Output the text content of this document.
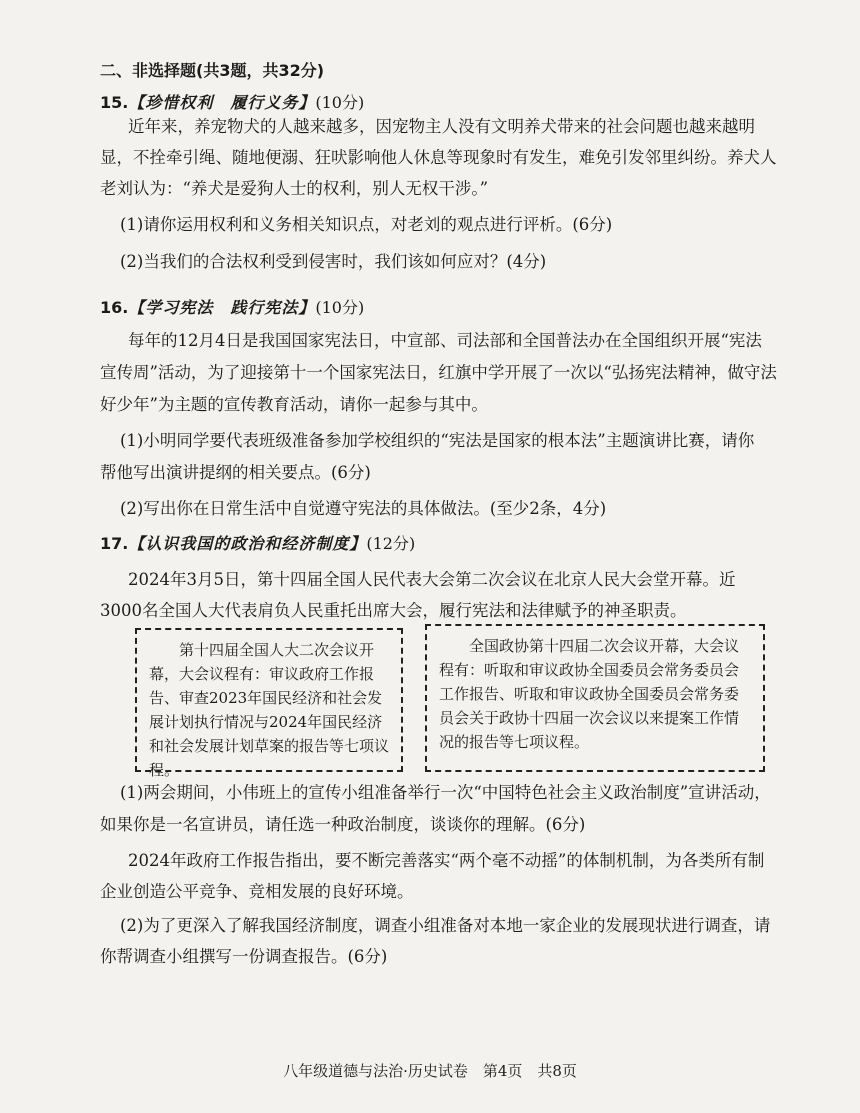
二、非选择题(共3题，共32分)
15.【珍惜权利　履行义务】(10分)
近年来，养宠物犬的人越来越多，因宠物主人没有文明养犬带来的社会问题也越来越明
显，不拴牵引绳、随地便溺、狂吠影响他人休息等现象时有发生，难免引发邻里纠纷。养犬人
老刘认为：“养犬是爱狗人士的权利，别人无权干涉。”
(1)请你运用权利和义务相关知识点，对老刘的观点进行评析。(6分)
(2)当我们的合法权利受到侵害时，我们该如何应对？(4分)
16.【学习宪法　践行宪法】(10分)
每年的12月4日是我国国家宪法日，中宣部、司法部和全国普法办在全国组织开展“宪法
宣传周”活动，为了迎接第十一个国家宪法日，红旗中学开展了一次以“弘扬宪法精神，做守法
好少年”为主题的宣传教育活动，请你一起参与其中。
(1)小明同学要代表班级准备参加学校组织的“宪法是国家的根本法”主题演讲比赛，请你
帮他写出演讲提纲的相关要点。(6分)
(2)写出你在日常生活中自觉遵守宪法的具体做法。(至少2条，4分)
17.【认识我国的政治和经济制度】(12分)
2024年3月5日，第十四届全国人民代表大会第二次会议在北京人民大会堂开幕。近
3000名全国人大代表肩负人民重托出席大会，履行宪法和法律赋予的神圣职责。

第十四届全国人大二次会议开幕，大会议程有：审议政府工作报告、审查2023年国民经济和社会发展计划执行情况与2024年国民经济和社会发展计划草案的报告等七项议程。

全国政协第十四届二次会议开幕，大会议程有：听取和审议政协全国委员会常务委员会工作报告、听取和审议政协全国委员会常务委员会关于政协十四届一次会议以来提案工作情况的报告等七项议程。

(1)两会期间，小伟班上的宣传小组准备举行一次“中国特色社会主义政治制度”宣讲活动，
如果你是一名宣讲员，请任选一种政治制度，谈谈你的理解。(6分)
2024年政府工作报告指出，要不断完善落实“两个毫不动摇”的体制机制，为各类所有制
企业创造公平竞争、竞相发展的良好环境。
(2)为了更深入了解我国经济制度，调查小组准备对本地一家企业的发展现状进行调查，请
你帮调查小组撰写一份调查报告。(6分)
八年级道德与法治·历史试卷　第4页　共8页
